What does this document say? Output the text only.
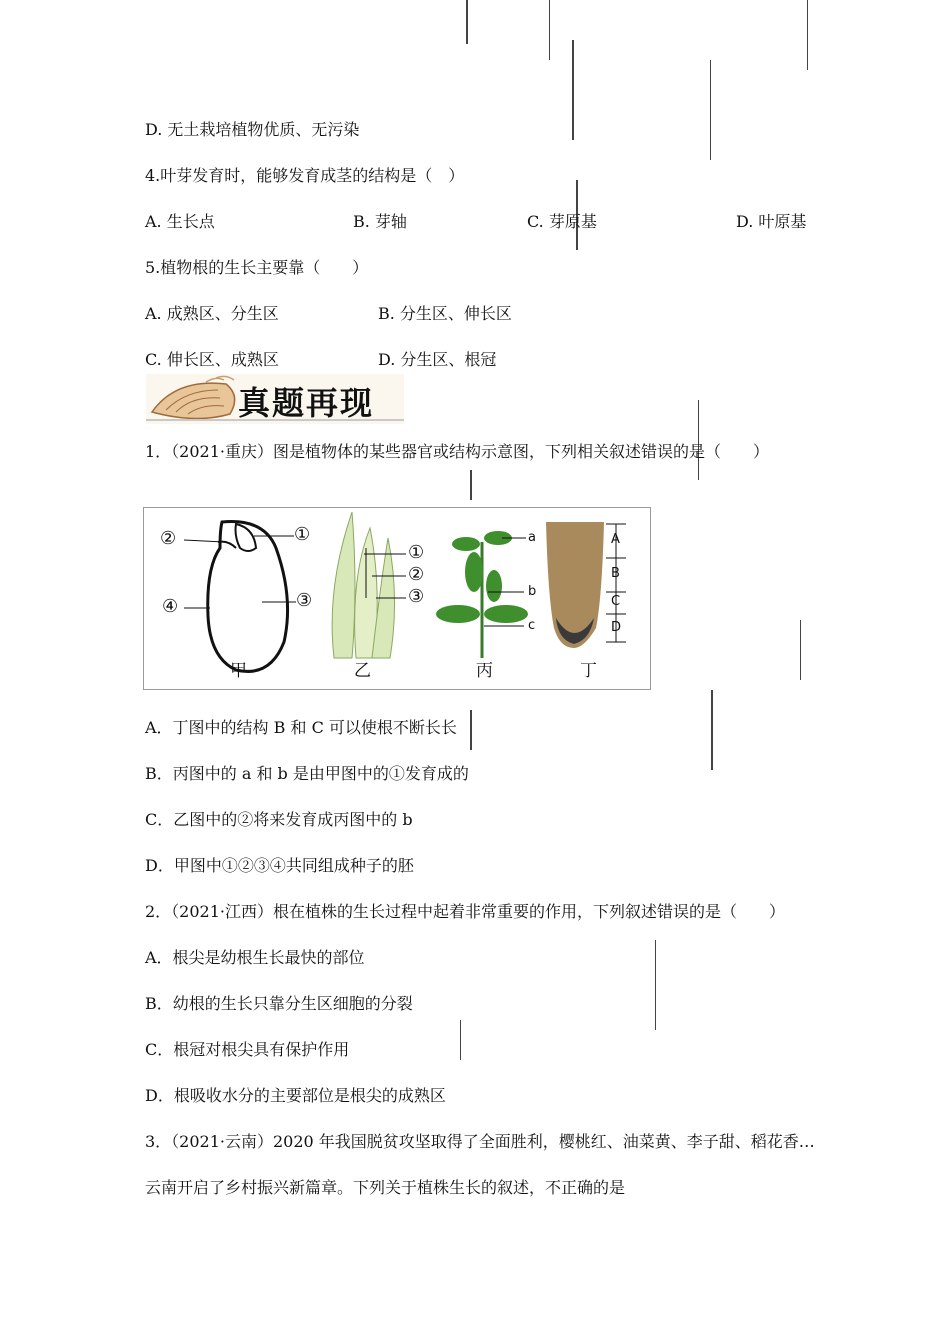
D. 无土栽培植物优质、无污染
4.叶芽发育时，能够发育成茎的结构是（　）
A. 生长点	B. 芽轴	C. 芽原基	D. 叶原基
5.植物根的生长主要靠（　　）
A. 成熟区、分生区	B. 分生区、伸长区
C. 伸长区、成熟区	D. 分生区、根冠
真题再现
1．（2021·重庆）图是植物体的某些器官或结构示意图，下列相关叙述错误的是（　　）
②	①
④	③
①
②
③
a
b
c
A
B
C
D
甲	乙	丙	丁
A．丁图中的结构 B 和 C 可以使根不断长长
B．丙图中的 a 和 b 是由甲图中的①发育成的
C．乙图中的②将来发育成丙图中的 b
D．甲图中①②③④共同组成种子的胚
2．（2021·江西）根在植株的生长过程中起着非常重要的作用，下列叙述错误的是（　　）
A．根尖是幼根生长最快的部位
B．幼根的生长只靠分生区细胞的分裂
C．根冠对根尖具有保护作用
D．根吸收水分的主要部位是根尖的成熟区
3．（2021·云南）2020 年我国脱贫攻坚取得了全面胜利，樱桃红、油菜黄、李子甜、稻花香…
云南开启了乡村振兴新篇章。下列关于植株生长的叙述，不正确的是
